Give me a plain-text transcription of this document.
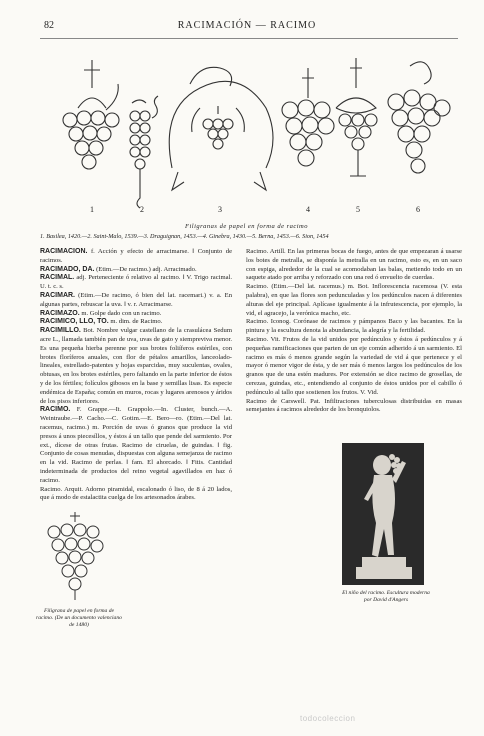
82	RACIMACIÓN — RACIMO
1	2	3	4	5	6
Filigranas de papel en forma de racimo
1. Basilea, 1420.—2. Saint-Malo, 1539.—3. Draguignan, 1453.—4. Ginebra, 1430.—5. Berna, 1453.—6. Sion, 1454

RACIMACIÓN. f. Acción y efecto de arracimarse. ‖ Conjunto de racimos.

RACIMADO, DA. (Etim.—De racimo.) adj. Arracimado.

RACIMAL. adj. Perteneciente ó relativo al racimo. ‖ V. Trigo racimal. U. t. c. s.

RACIMAR. (Etim.—De racimo, ó bien del lat. racemari.) v. a. En algunas partes, rebuscar la uva. ‖ v. r. Arracimarse.

RACIMAZO. m. Golpe dado con un racimo.

RACIMICO, LLO, TO. m. dim. de Racimo.

RACIMILLO. Bot. Nombre vulgar castellano de la crasulácea Sedum acre L., llamada también pan de uva, uvas de gato y siempreviva menor. Es una pequeña hierba perenne por sus brotes foliíferos estériles, con brotes floríferos anuales, con flor de pétalos amarillos, lanceolado-lineales, estrellado-patentes y hojas esparcidas, muy suculentas, ovales, obtusas, en los brotes estériles, pero faltando en la parte inferior de éstos y de los fértiles; folículos gibosos en la base y semillas lisas. Es especie endémica de España; común en muros, rocas y lugares arenosos y áridos de los pisos inferiores.

RACIMO. F. Grappe.—It. Grappolo.—In. Cluster, bunch.—A. Weintraube.—P. Cacho.—C. Gotim.—E. Bero—ro. (Etim.—Del lat. racemus, racimo.) m. Porción de uvas ó granos que produce la vid presos á unos piecesíllos, y éstos á un tallo que pende del sarmiento. Por ext., dícese de otras frutas. Racimo de ciruelas, de guindas. ‖ fig. Conjunto de cosas menudas, dispuestas con alguna semejanza de racimo en la vid. Racimo de perlas. ‖ fam. El ahorcado. ‖ Fitis. Cantidad indeterminada de productos del reino vegetal agavillados en haz ó racimo.

Racimo. Arquit. Adorno piramidal, escalonado ó liso, de 8 á 20 lados, que á modo de estalactita cuelga de los artesonados árabes.

Racimo. Artill. En las primeras bocas de fuego, antes de que empezaran á usarse los botes de metralla, se disponía la metralla en un racimo, esto es, en un saco con espiga, alrededor de la cual se acomodaban las balas, metiendo todo en un saquete atado por arriba y reforzado con una red ó envuelto de cuerdas.

Racimo. (Etim.—Del lat. racemus.) m. Bot. Inflorescencia racemosa (V. esta palabra), en que las flores son pedunculadas y los pedúnculos nacen á diferentes alturas del eje principal. Aplícase igualmente á la infrutescencia, por ejemplo, la vid, el agracejo, la verónica macho, etc.

Racimo. Iconog. Corónase de racimos y pámpanos Baco y las bacantes. En la pintura y la escultura denota la abundancia, la alegría y la fertilidad.

Racimo. Vit. Frutos de la vid unidos por pedúnculos y éstos á pedúnculos y á pequeñas ramificaciones que parten de un eje común adherido á un sarmiento. El racimo es más ó menos grande según la variedad de vid á que pertenece y el mayor ó menor vigor de ésta, y de ser más ó menos largos los pedúnculos de los granos que de una estén madures. Por extensión se dice racimo de grosellas, de cerezas, guindas, etc., entendiendo al conjunto de éstos unidos por el cabillo ó pedúnculo al tallo que sostienen los frutos. V. Vid.

Racimo de Carswell. Pat. Infiltraciones tuberculosas distribuidas en masas semejantes á racimos alrededor de los bronquiolos.

Filigrana de papel en forma de racimo. (De un documento valenciano de 1480)
El niño del racimo. Escultura moderna por David d'Angers
todocoleccion
